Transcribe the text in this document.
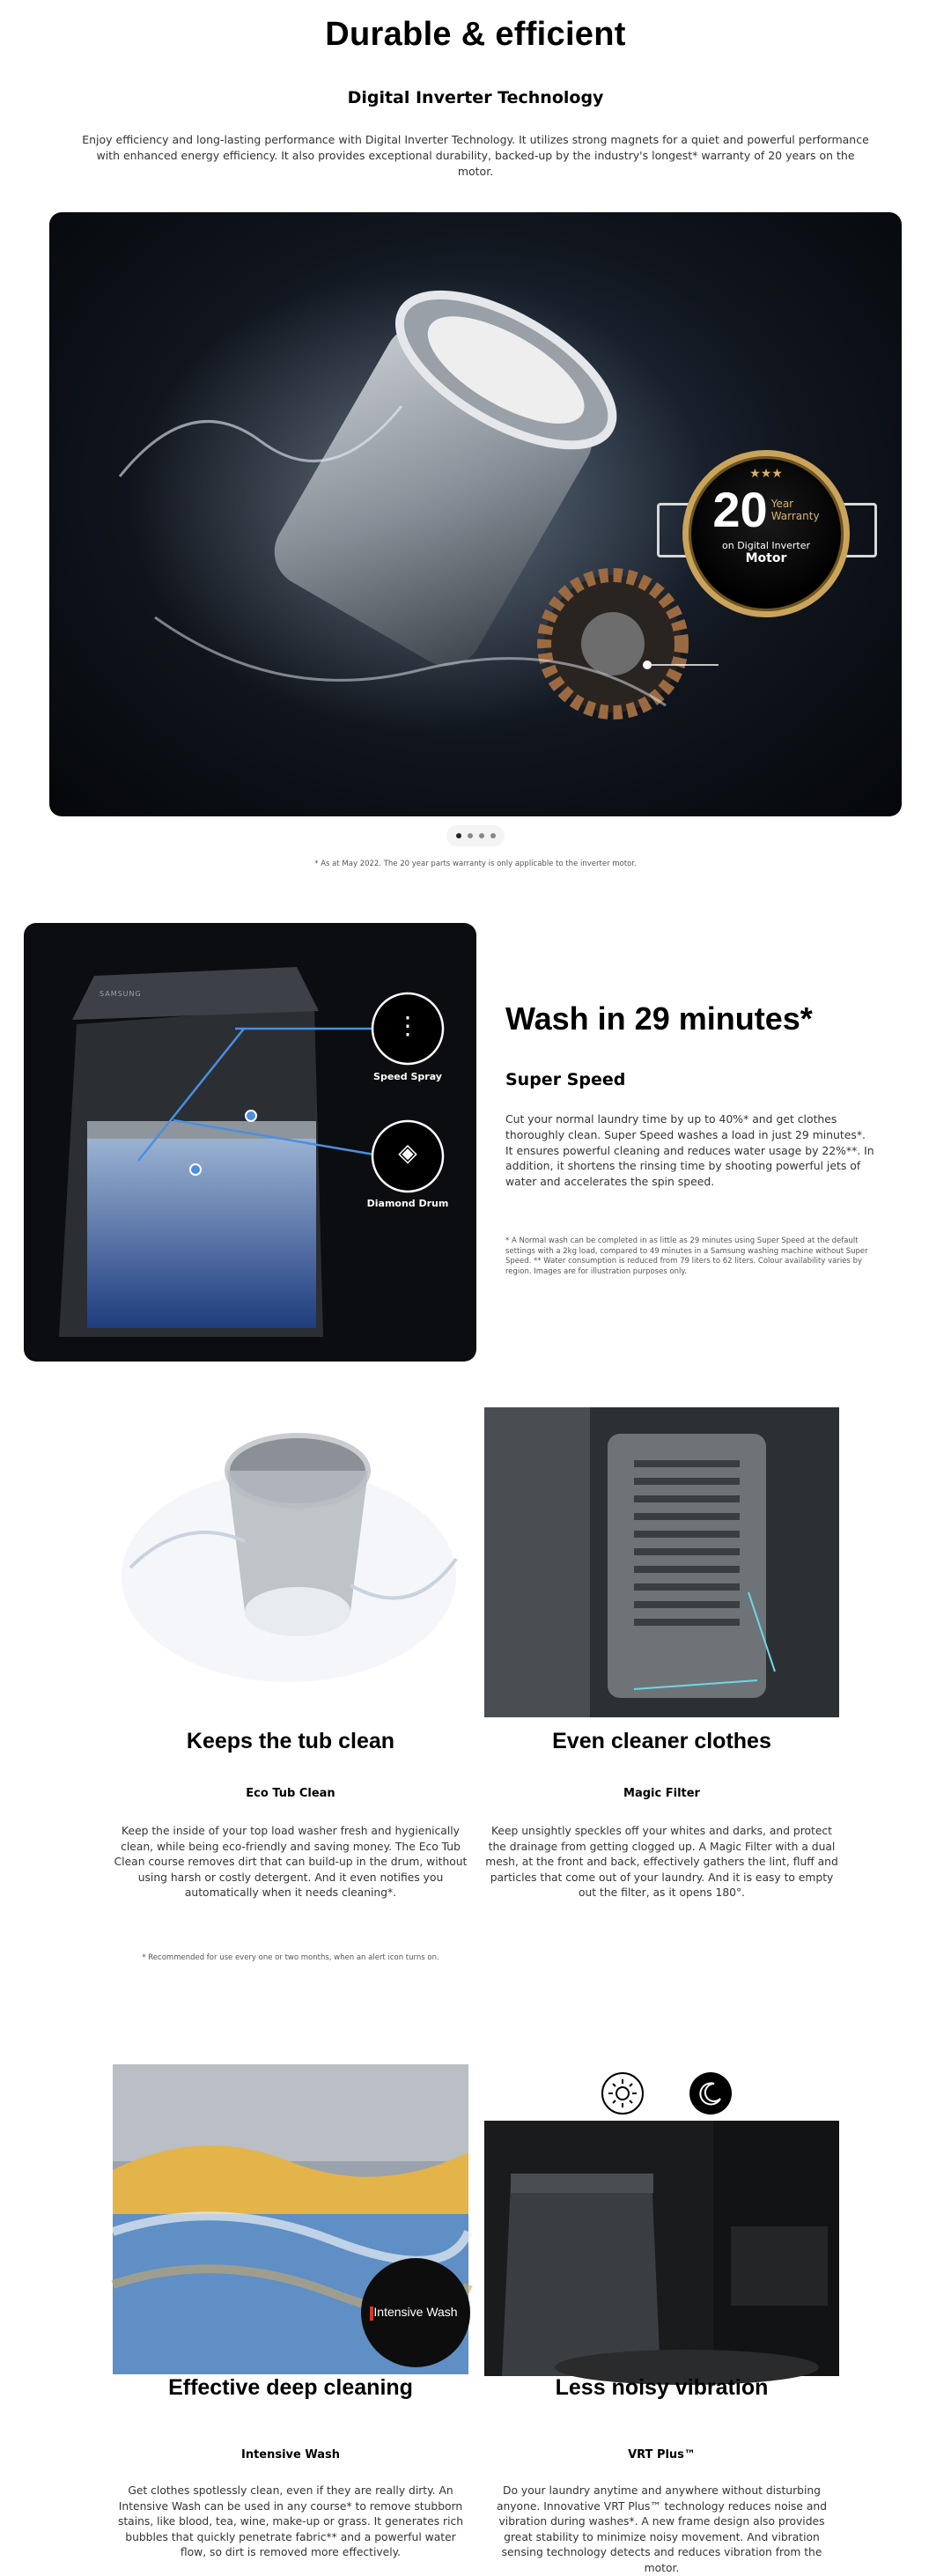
Durable & efficient
Digital Inverter Technology

Enjoy efficiency and long-lasting performance with Digital Inverter Technology. It utilizes strong magnets for a quiet and powerful performance with enhanced energy efficiency. It also provides exceptional durability, backed-up by the industry's longest* warranty of 20 years on the motor.

★★★
20 Year
Warranty
on Digital Inverter
Motor
DIGITAL INVERTER
MOTOR
* As at May 2022. The 20 year parts warranty is only applicable to the inverter motor.
⋮
◈
Speed Spray
Diamond Drum
SAMSUNG
Wash in 29 minutes*
Super Speed

Cut your normal laundry time by up to 40%* and get clothes thoroughly clean. Super Speed washes a load in just 29 minutes*. It ensures powerful cleaning and reduces water usage by 22%**. In addition, it shortens the rinsing time by shooting powerful jets of water and accelerates the spin speed.

* A Normal wash can be completed in as little as 29 minutes using Super Speed at the default settings with a 2kg load, compared to 49 minutes in a Samsung washing machine without Super Speed. ** Water consumption is reduced from 79 liters to 62 liters. Colour availability varies by region. Images are for illustration purposes only.

Keeps the tub clean
Eco Tub Clean

Keep the inside of your top load washer fresh and hygienically clean, while being eco-friendly and saving money. The Eco Tub Clean course removes dirt that can build-up in the drum, without using harsh or costly detergent. And it even notifies you automatically when it needs cleaning*.

Even cleaner clothes
Magic Filter

Keep unsightly speckles off your whites and darks, and protect the drainage from getting clogged up. A Magic Filter with a dual mesh, at the front and back, effectively gathers the lint, fluff and particles that come out of your laundry. And it is easy to empty out the filter, as it opens 180°.

* Recommended for use every one or two months, when an alert icon turns on.
Intensive Wash
Effective deep cleaning
Intensive Wash

Get clothes spotlessly clean, even if they are really dirty. An Intensive Wash can be used in any course* to remove stubborn stains, like blood, tea, wine, make-up or grass. It generates rich bubbles that quickly penetrate fabric** and a powerful water flow, so dirt is removed more effectively.

Less noisy vibration
VRT Plus™

Do your laundry anytime and anywhere without disturbing anyone. Innovative VRT Plus™ technology reduces noise and vibration during washes*. A new frame design also provides great stability to minimize noisy movement. And vibration sensing technology detects and reduces vibration from the motor.
